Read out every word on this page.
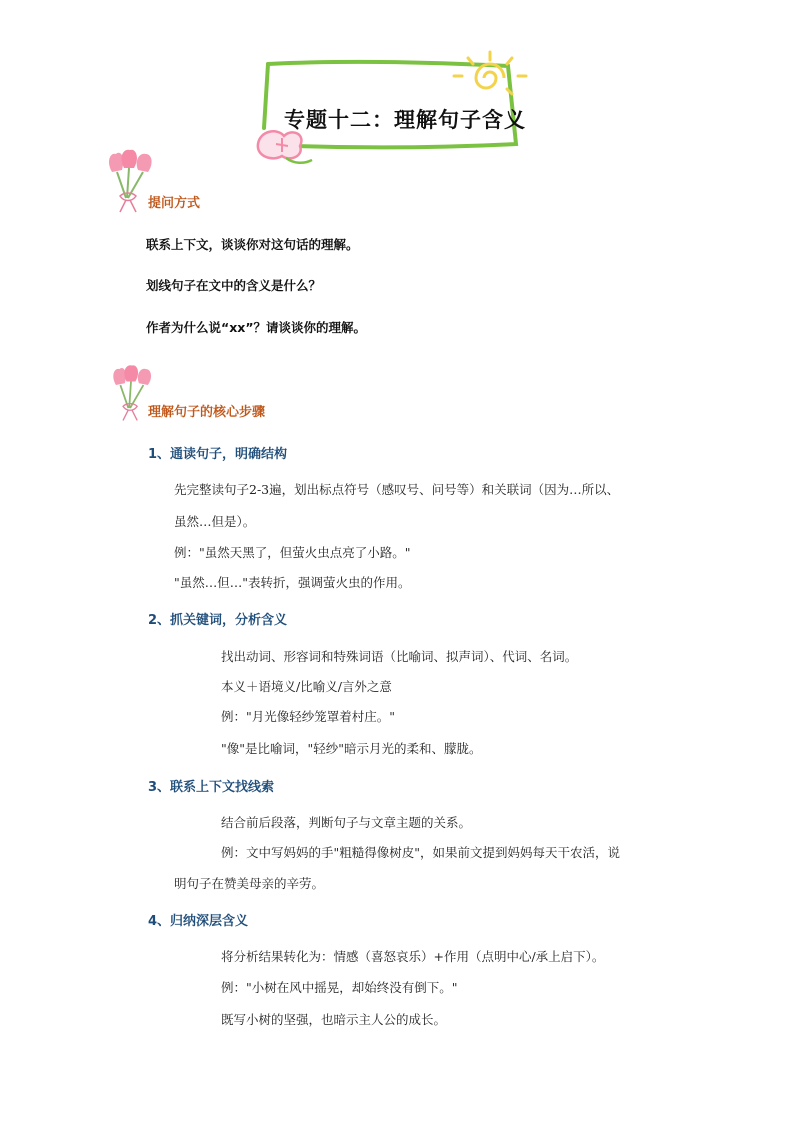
专题十二：理解句子含义
提问方式
联系上下文，谈谈你对这句话的理解。
划线句子在文中的含义是什么？
作者为什么说“xx”？请谈谈你的理解。
理解句子的核心步骤
1、通读句子，明确结构
先完整读句子2-3遍，划出标点符号（感叹号、问号等）和关联词（因为…所以、
虽然…但是）。
例："虽然天黑了，但萤火虫点亮了小路。"
"虽然…但…"表转折，强调萤火虫的作用。
2、抓关键词，分析含义
找出动词、形容词和特殊词语（比喻词、拟声词）、代词、名词。
本义＋语境义/比喻义/言外之意
例："月光像轻纱笼罩着村庄。"
"像"是比喻词，"轻纱"暗示月光的柔和、朦胧。
3、联系上下文找线索
结合前后段落，判断句子与文章主题的关系。
例：文中写妈妈的手"粗糙得像树皮"，如果前文提到妈妈每天干农活，说
明句子在赞美母亲的辛劳。
4、归纳深层含义
将分析结果转化为：情感（喜怒哀乐）+作用（点明中心/承上启下）。
例："小树在风中摇晃，却始终没有倒下。"
既写小树的坚强，也暗示主人公的成长。
